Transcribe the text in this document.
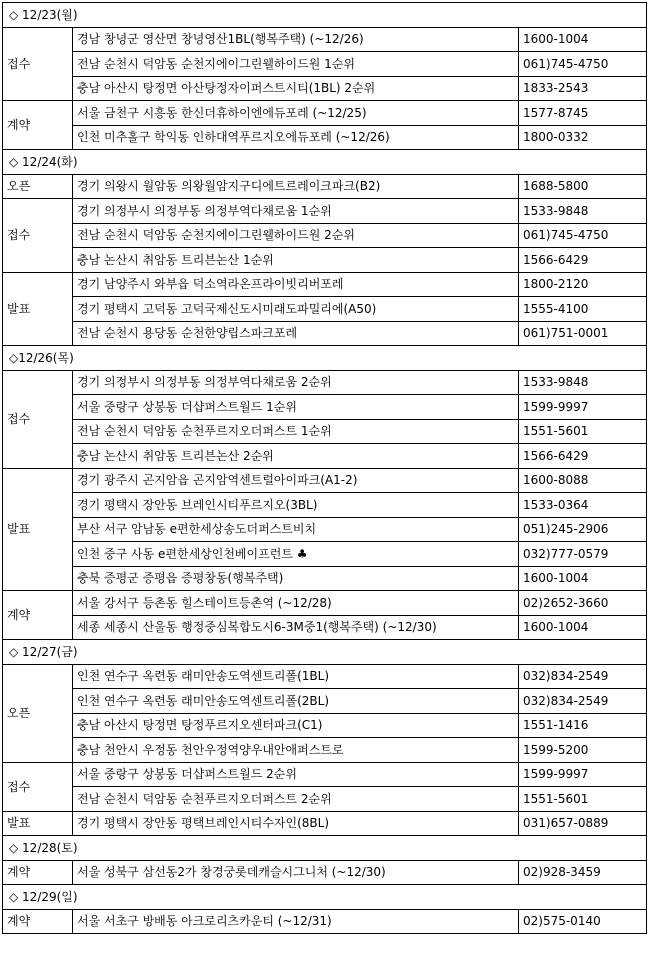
◇ 12/23(월)		
접수	경남 창녕군 영산면 창녕영산1BL(행복주택) (~12/26)	1600-1004
	전남 순천시 덕암동 순천지에이그린웰하이드원 1순위	061)745-4750
	충남 아산시 탕정면 아산탕정자이퍼스트시티(1BL) 2순위	1833-2543
계약	서울 금천구 시흥동 한신더휴하이엔에듀포레 (~12/25)	1577-8745
	인천 미추홀구 학익동 인하대역푸르지오에듀포레 (~12/26)	1800-0332
◇ 12/24(화)		
오픈	경기 의왕시 월암동 의왕월암지구디에트르레이크파크(B2)	1688-5800
접수	경기 의정부시 의정부동 의정부역다채로움 1순위	1533-9848
	전남 순천시 덕암동 순천지에이그린웰하이드원 2순위	061)745-4750
	충남 논산시 취암동 트리븐논산 1순위	1566-6429
발표	경기 남양주시 와부읍 덕소역라온프라이빗리버포레	1800-2120
	경기 평택시 고덕동 고덕국제신도시미래도파밀리에(A50)	1555-4100
	전남 순천시 용당동 순천한양립스파크포레	061)751-0001
◇12/26(목)		
접수	경기 의정부시 의정부동 의정부역다채로움 2순위	1533-9848
	서울 중랑구 상봉동 더샵퍼스트월드 1순위	1599-9997
	전남 순천시 덕암동 순천푸르지오더퍼스트 1순위	1551-5601
	충남 논산시 취암동 트리븐논산 2순위	1566-6429
발표	경기 광주시 곤지암읍 곤지암역센트럴아이파크(A1-2)	1600-8088
	경기 평택시 장안동 브레인시티푸르지오(3BL)	1533-0364
	부산 서구 암남동 e편한세상송도더퍼스트비치	051)245-2906
	인천 중구 사동 e편한세상인천베이프런트 ♣	032)777-0579
	충북 증평군 증평읍 증평창동(행복주택)	1600-1004
계약	서울 강서구 등촌동 힐스테이트등촌역 (~12/28)	02)2652-3660
	세종 세종시 산울동 행정중심복합도시6-3M중1(행복주택) (~12/30)	1600-1004
◇ 12/27(금)		
오픈	인천 연수구 옥련동 래미안송도역센트리폴(1BL)	032)834-2549
	인천 연수구 옥련동 래미안송도역센트리폴(2BL)	032)834-2549
	충남 아산시 탕정면 탕정푸르지오센터파크(C1)	1551-1416
	충남 천안시 우정동 천안우정역양우내안애퍼스트로	1599-5200
접수	서울 중랑구 상봉동 더샵퍼스트월드 2순위	1599-9997
	전남 순천시 덕암동 순천푸르지오더퍼스트 2순위	1551-5601
발표	경기 평택시 장안동 평택브레인시티수자인(8BL)	031)657-0889
◇ 12/28(토)		
계약	서울 성북구 삼선동2가 창경궁롯데캐슬시그니처 (~12/30)	02)928-3459
◇ 12/29(일)		
계약	서울 서초구 방배동 아크로리츠카운티 (~12/31)	02)575-0140
